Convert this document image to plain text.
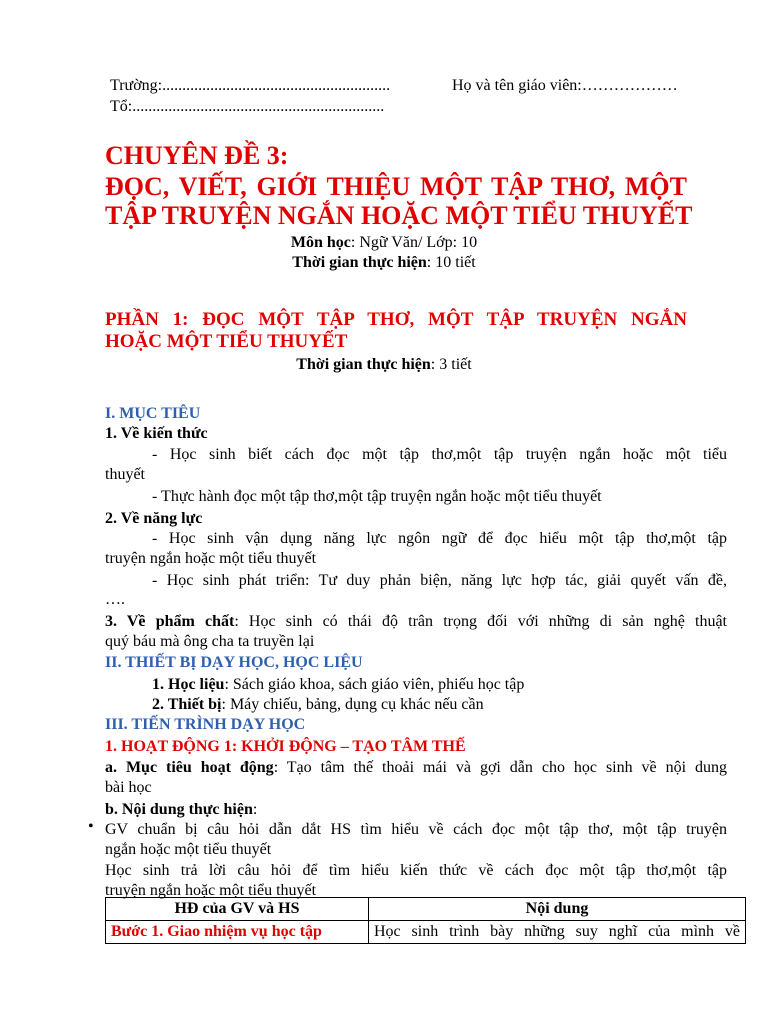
Trường:.........................................................	Họ và tên giáo viên:………………
Tổ:...............................................................
CHUYÊN ĐỀ 3:
ĐỌC, VIẾT, GIỚI THIỆU MỘT TẬP THƠ, MỘT
TẬP TRUYỆN NGẮN HOẶC MỘT TIỂU THUYẾT
Môn học: Ngữ Văn/ Lớp: 10
Thời gian thực hiện: 10 tiết
PHẦN 1: ĐỌC MỘT TẬP THƠ, MỘT TẬP TRUYỆN NGẮN
HOẶC MỘT TIỂU THUYẾT
Thời gian thực hiện: 3 tiết
I. MỤC TIÊU
1. Về kiến thức
- Học sinh biết cách đọc một tập thơ,một tập truyện ngắn hoặc một tiểu
thuyết
- Thực hành đọc một tập thơ,một tập truyện ngắn hoặc một tiểu thuyết
2. Về năng lực
- Học sinh vận dụng năng lực ngôn ngữ để đọc hiểu một tập thơ,một tập
truyện ngắn hoặc một tiểu thuyết
- Học sinh phát triển: Tư duy phản biện, năng lực hợp tác, giải quyết vấn đề,
….
3. Về phẩm chất: Học sinh có thái độ trân trọng đối với những di sản nghệ thuật
quý báu mà ông cha ta truyền lại
II. THIẾT BỊ DẠY HỌC, HỌC LIỆU
1. Học liệu: Sách giáo khoa, sách giáo viên, phiếu học tập
2. Thiết bị: Máy chiếu, bảng, dụng cụ khác nếu cần
III. TIẾN TRÌNH DẠY HỌC
1. HOẠT ĐỘNG 1: KHỞI ĐỘNG – TẠO TÂM THẾ
a. Mục tiêu hoạt động: Tạo tâm thế thoải mái và gợi dẫn cho học sinh về nội dung
bài học
b. Nội dung thực hiện:
• GV chuẩn bị câu hỏi dẫn dắt HS tìm hiểu về cách đọc một tập thơ, một tập truyện
ngắn hoặc một tiểu thuyết
Học sinh trả lời câu hỏi để tìm hiểu kiến thức về cách đọc một tập thơ,một tập
truyện ngắn hoặc một tiểu thuyết
HĐ của GV và HS	Nội dung
Bước 1. Giao nhiệm vụ học tập	Học sinh trình bày những suy nghĩ của mình về
